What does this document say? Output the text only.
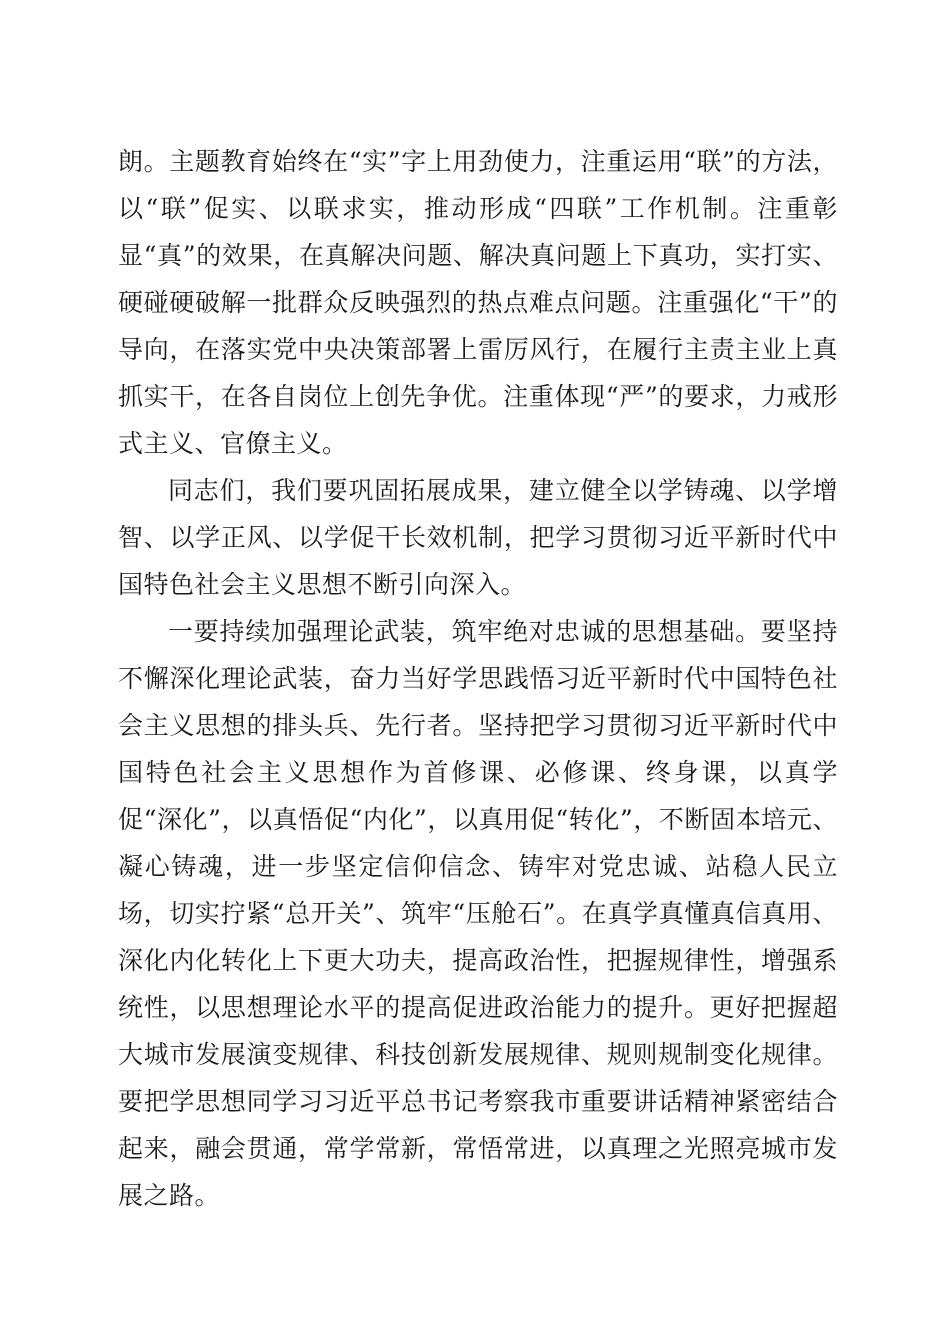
朗。主题教育始终在“实”字上用劲使力，注重运用“联”的方法，以“联”促实、以联求实，推动形成“四联”工作机制。注重彰显“真”的效果，在真解决问题、解决真问题上下真功，实打实、硬碰硬破解一批群众反映强烈的热点难点问题。注重强化“干”的导向，在落实党中央决策部署上雷厉风行，在履行主责主业上真抓实干，在各自岗位上创先争优。注重体现“严”的要求，力戒形式主义、官僚主义。

同志们，我们要巩固拓展成果，建立健全以学铸魂、以学增智、以学正风、以学促干长效机制，把学习贯彻习近平新时代中国特色社会主义思想不断引向深入。

一要持续加强理论武装，筑牢绝对忠诚的思想基础。要坚持不懈深化理论武装，奋力当好学思践悟习近平新时代中国特色社会主义思想的排头兵、先行者。坚持把学习贯彻习近平新时代中国特色社会主义思想作为首修课、必修课、终身课，以真学促“深化”，以真悟促“内化”，以真用促“转化”，不断固本培元、凝心铸魂，进一步坚定信仰信念、铸牢对党忠诚、站稳人民立场，切实拧紧“总开关”、筑牢“压舱石”。在真学真懂真信真用、深化内化转化上下更大功夫，提高政治性，把握规律性，增强系统性，以思想理论水平的提高促进政治能力的提升。更好把握超大城市发展演变规律、科技创新发展规律、规则规制变化规律。要把学思想同学习习近平总书记考察我市重要讲话精神紧密结合起来，融会贯通，常学常新，常悟常进，以真理之光照亮城市发展之路。
